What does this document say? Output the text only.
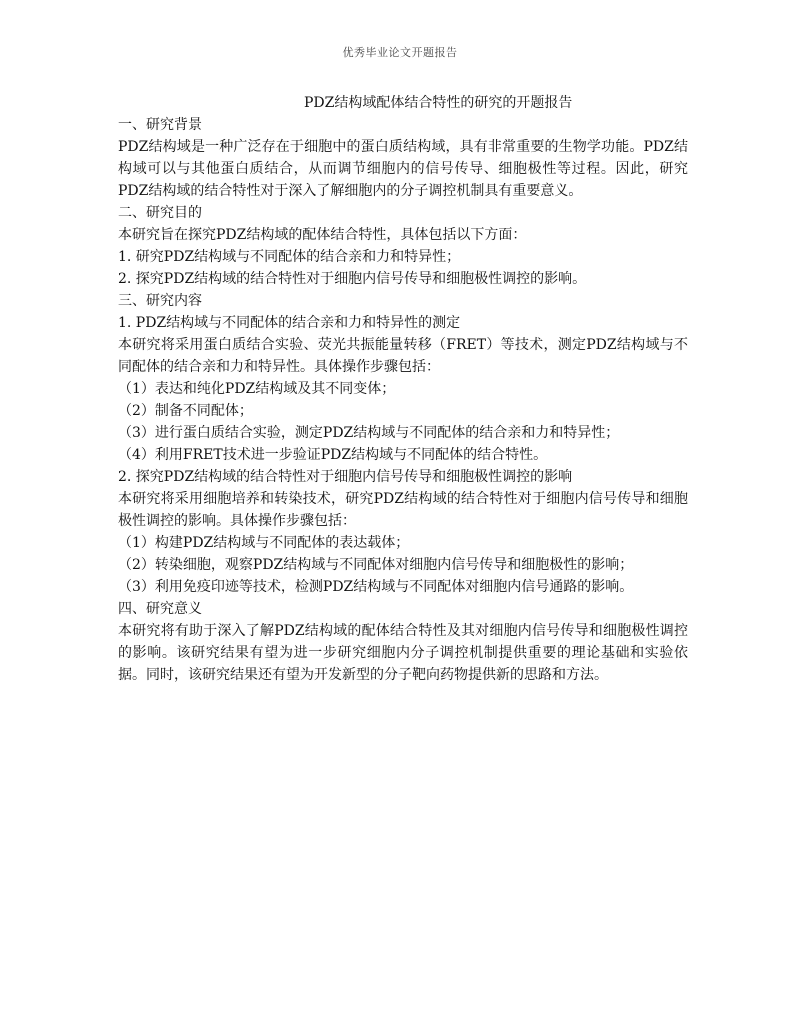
优秀毕业论文开题报告
PDZ结构域配体结合特性的研究的开题报告
一、研究背景

PDZ结构域是一种广泛存在于细胞中的蛋白质结构域，具有非常重要的生物学功能。PDZ结构域可以与其他蛋白质结合，从而调节细胞内的信号传导、细胞极性等过程。因此，研究PDZ结构域的结合特性对于深入了解细胞内的分子调控机制具有重要意义。

二、研究目的

本研究旨在探究PDZ结构域的配体结合特性，具体包括以下方面：

1. 研究PDZ结构域与不同配体的结合亲和力和特异性；

2. 探究PDZ结构域的结合特性对于细胞内信号传导和细胞极性调控的影响。

三、研究内容

1. PDZ结构域与不同配体的结合亲和力和特异性的测定

本研究将采用蛋白质结合实验、荧光共振能量转移（FRET）等技术，测定PDZ结构域与不同配体的结合亲和力和特异性。具体操作步骤包括：

（1）表达和纯化PDZ结构域及其不同变体；

（2）制备不同配体；

（3）进行蛋白质结合实验，测定PDZ结构域与不同配体的结合亲和力和特异性；

（4）利用FRET技术进一步验证PDZ结构域与不同配体的结合特性。

2. 探究PDZ结构域的结合特性对于细胞内信号传导和细胞极性调控的影响

本研究将采用细胞培养和转染技术，研究PDZ结构域的结合特性对于细胞内信号传导和细胞极性调控的影响。具体操作步骤包括：

（1）构建PDZ结构域与不同配体的表达载体；

（2）转染细胞，观察PDZ结构域与不同配体对细胞内信号传导和细胞极性的影响；

（3）利用免疫印迹等技术，检测PDZ结构域与不同配体对细胞内信号通路的影响。

四、研究意义

本研究将有助于深入了解PDZ结构域的配体结合特性及其对细胞内信号传导和细胞极性调控的影响。该研究结果有望为进一步研究细胞内分子调控机制提供重要的理论基础和实验依据。同时，该研究结果还有望为开发新型的分子靶向药物提供新的思路和方法。
